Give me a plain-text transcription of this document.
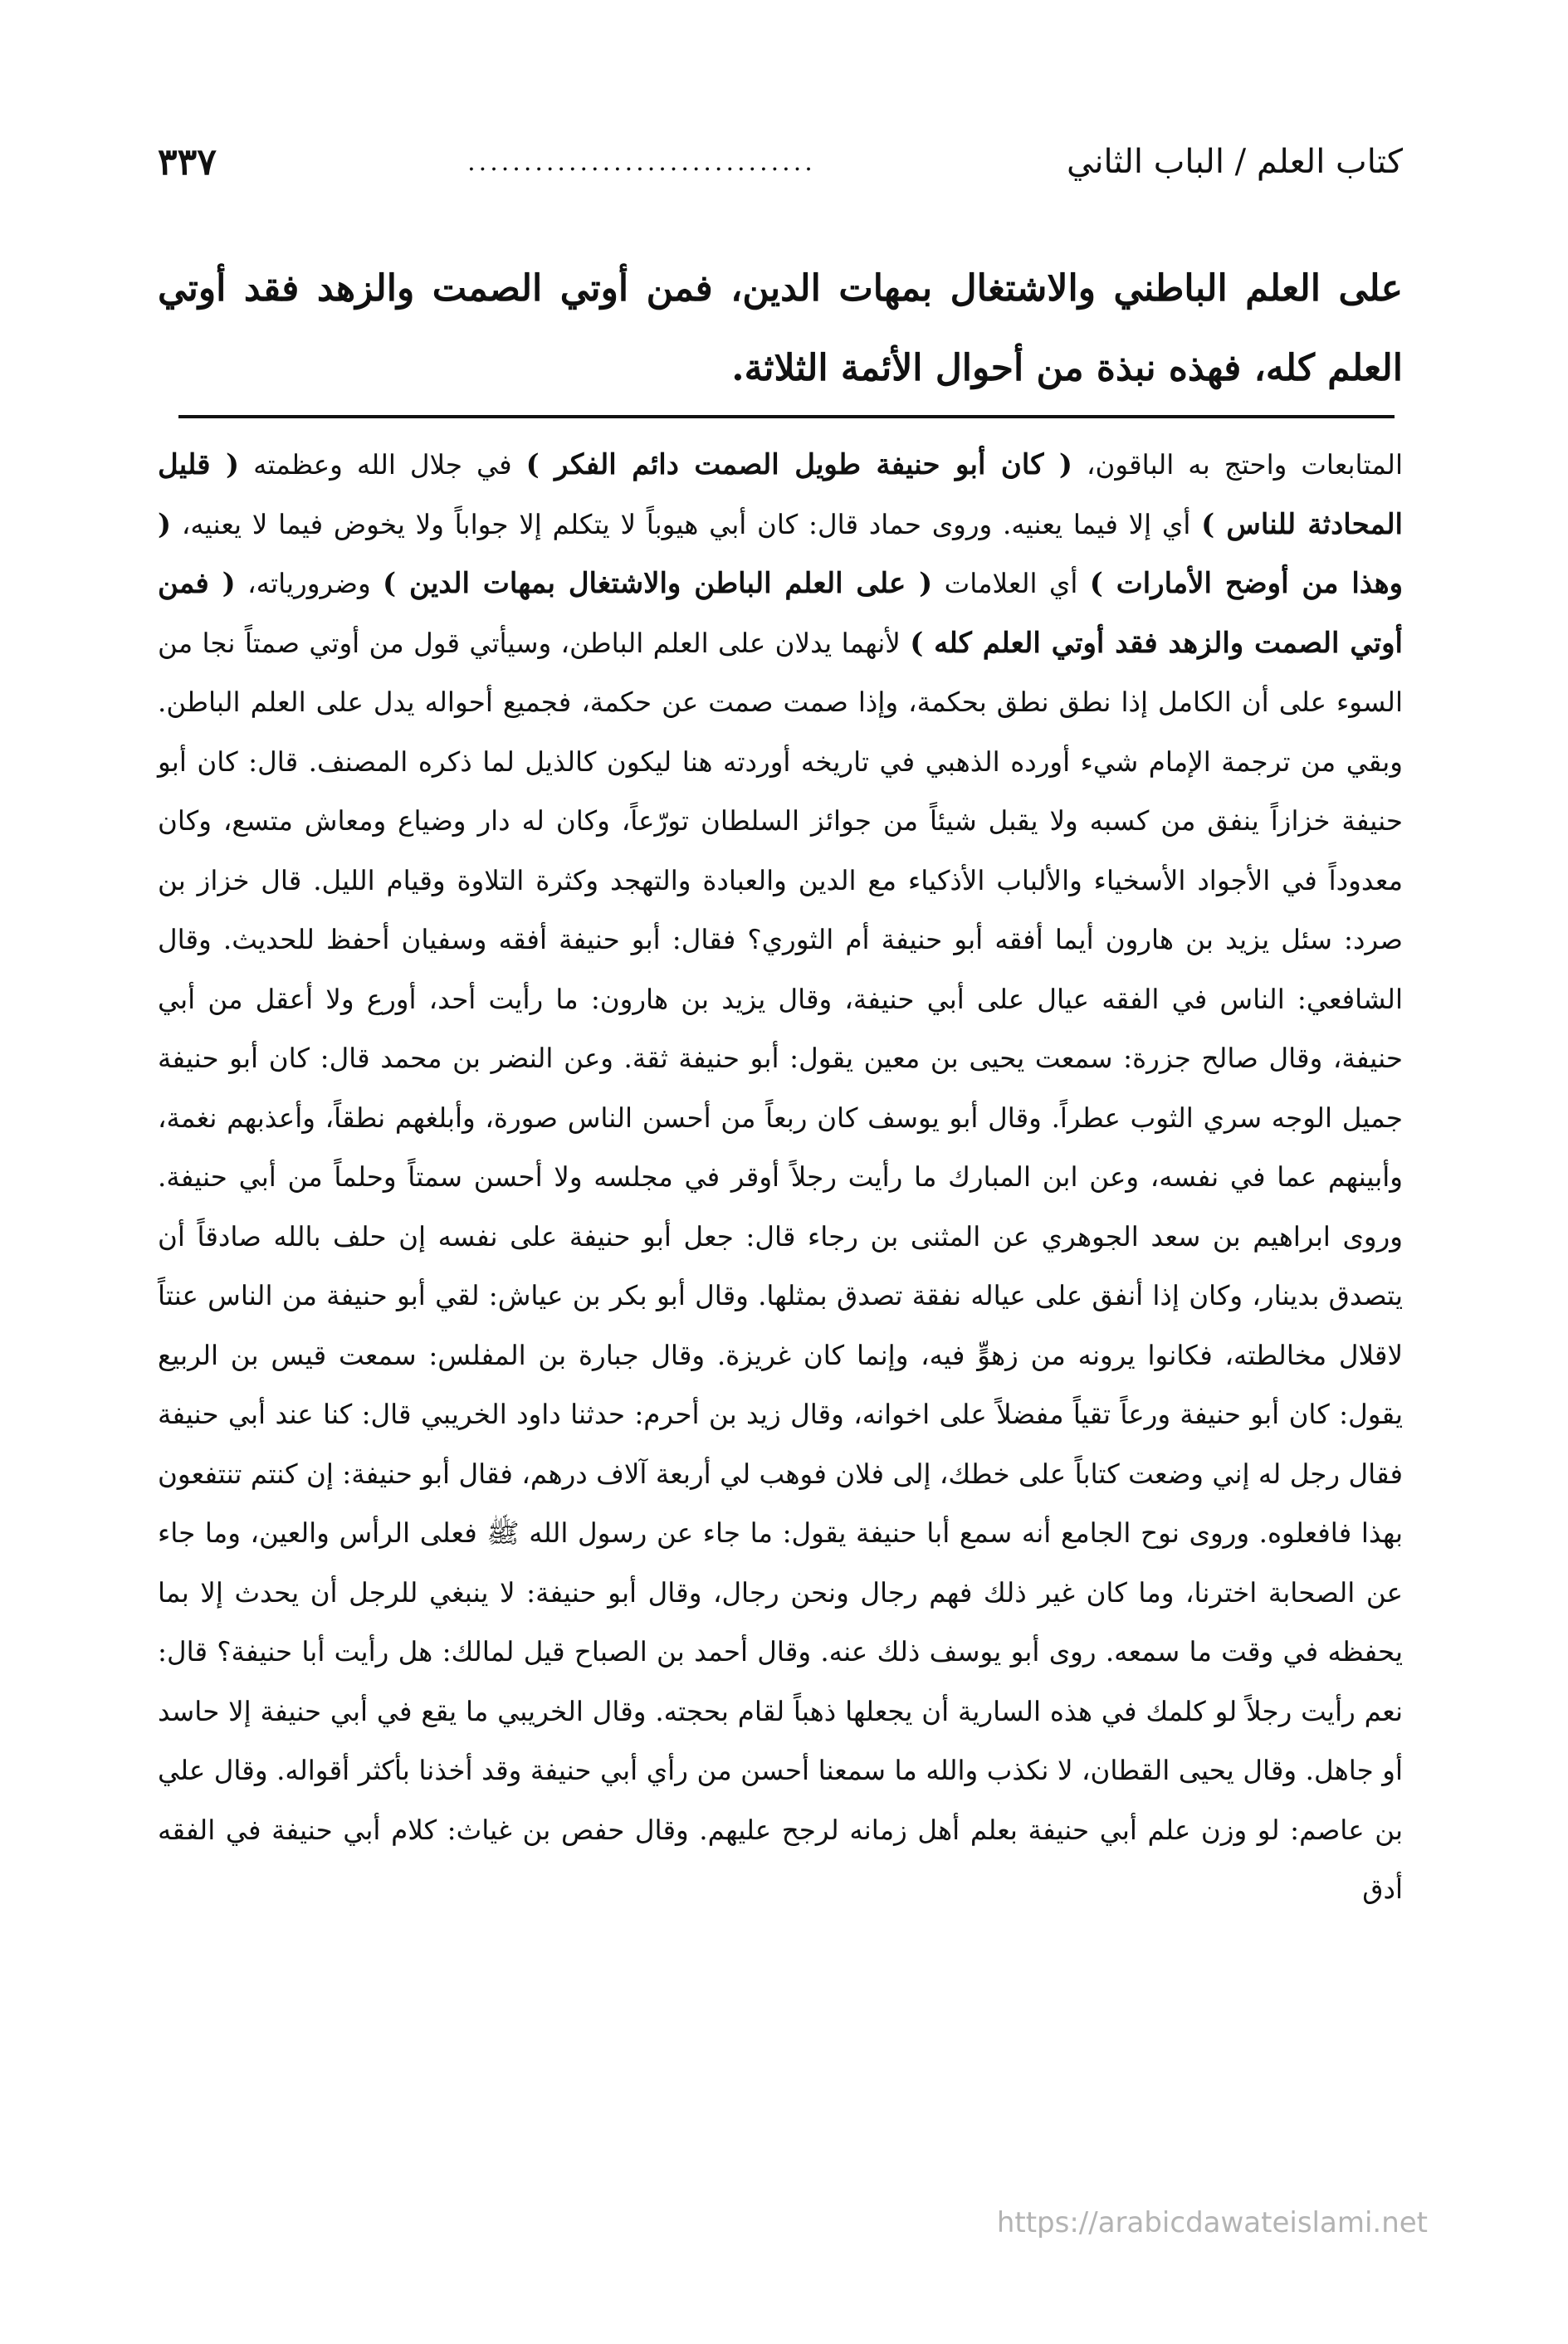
كتاب العلم / الباب الثاني
...............................
٣٣٧

على العلم الباطني والاشتغال بمهات الدين، فمن أوتي الصمت والزهد فقد أوتي العلم كله، فهذه نبذة من أحوال الأئمة الثلاثة.

المتابعات واحتج به الباقون، ( كان أبو حنيفة طويل الصمت دائم الفكر ) في جلال الله وعظمته ( قليل المحادثة للناس ) أي إلا فيما يعنيه. وروى حماد قال: كان أبي هيوباً لا يتكلم إلا جواباً ولا يخوض فيما لا يعنيه، ( وهذا من أوضح الأمارات ) أي العلامات ( على العلم الباطن والاشتغال بمهات الدين ) وضرورياته، ( فمن أوتي الصمت والزهد فقد أوتي العلم كله ) لأنهما يدلان على العلم الباطن، وسيأتي قول من أوتي صمتاً نجا من السوء على أن الكامل إذا نطق نطق بحكمة، وإذا صمت صمت عن حكمة، فجميع أحواله يدل على العلم الباطن. وبقي من ترجمة الإمام شيء أورده الذهبي في تاريخه أوردته هنا ليكون كالذيل لما ذكره المصنف. قال: كان أبو حنيفة خزازاً ينفق من كسبه ولا يقبل شيئاً من جوائز السلطان تورّعاً، وكان له دار وضياع ومعاش متسع، وكان معدوداً في الأجواد الأسخياء والألباب الأذكياء مع الدين والعبادة والتهجد وكثرة التلاوة وقيام الليل. قال خزاز بن صرد: سئل يزيد بن هارون أيما أفقه أبو حنيفة أم الثوري؟ فقال: أبو حنيفة أفقه وسفيان أحفظ للحديث. وقال الشافعي: الناس في الفقه عيال على أبي حنيفة، وقال يزيد بن هارون: ما رأيت أحد، أورع ولا أعقل من أبي حنيفة، وقال صالح جزرة: سمعت يحيى بن معين يقول: أبو حنيفة ثقة. وعن النضر بن محمد قال: كان أبو حنيفة جميل الوجه سري الثوب عطراً. وقال أبو يوسف كان ربعاً من أحسن الناس صورة، وأبلغهم نطقاً، وأعذبهم نغمة، وأبينهم عما في نفسه، وعن ابن المبارك ما رأيت رجلاً أوقر في مجلسه ولا أحسن سمتاً وحلماً من أبي حنيفة. وروى ابراهيم بن سعد الجوهري عن المثنى بن رجاء قال: جعل أبو حنيفة على نفسه إن حلف بالله صادقاً أن يتصدق بدينار، وكان إذا أنفق على عياله نفقة تصدق بمثلها. وقال أبو بكر بن عياش: لقي أبو حنيفة من الناس عنتاً لاقلال مخالطته، فكانوا يرونه من زهوٍّ فيه، وإنما كان غريزة. وقال جبارة بن المفلس: سمعت قيس بن الربيع يقول: كان أبو حنيفة ورعاً تقياً مفضلاً على اخوانه، وقال زيد بن أحرم: حدثنا داود الخريبي قال: كنا عند أبي حنيفة فقال رجل له إني وضعت كتاباً على خطك، إلى فلان فوهب لي أربعة آلاف درهم، فقال أبو حنيفة: إن كنتم تنتفعون بهذا فافعلوه. وروى نوح الجامع أنه سمع أبا حنيفة يقول: ما جاء عن رسول الله ﷺ فعلى الرأس والعين، وما جاء عن الصحابة اخترنا، وما كان غير ذلك فهم رجال ونحن رجال، وقال أبو حنيفة: لا ينبغي للرجل أن يحدث إلا بما يحفظه في وقت ما سمعه. روى أبو يوسف ذلك عنه. وقال أحمد بن الصباح قيل لمالك: هل رأيت أبا حنيفة؟ قال: نعم رأيت رجلاً لو كلمك في هذه السارية أن يجعلها ذهباً لقام بحجته. وقال الخريبي ما يقع في أبي حنيفة إلا حاسد أو جاهل. وقال يحيى القطان، لا نكذب والله ما سمعنا أحسن من رأي أبي حنيفة وقد أخذنا بأكثر أقواله. وقال علي بن عاصم: لو وزن علم أبي حنيفة بعلم أهل زمانه لرجح عليهم. وقال حفص بن غياث: كلام أبي حنيفة في الفقه أدق

https://arabicdawateislami.net
